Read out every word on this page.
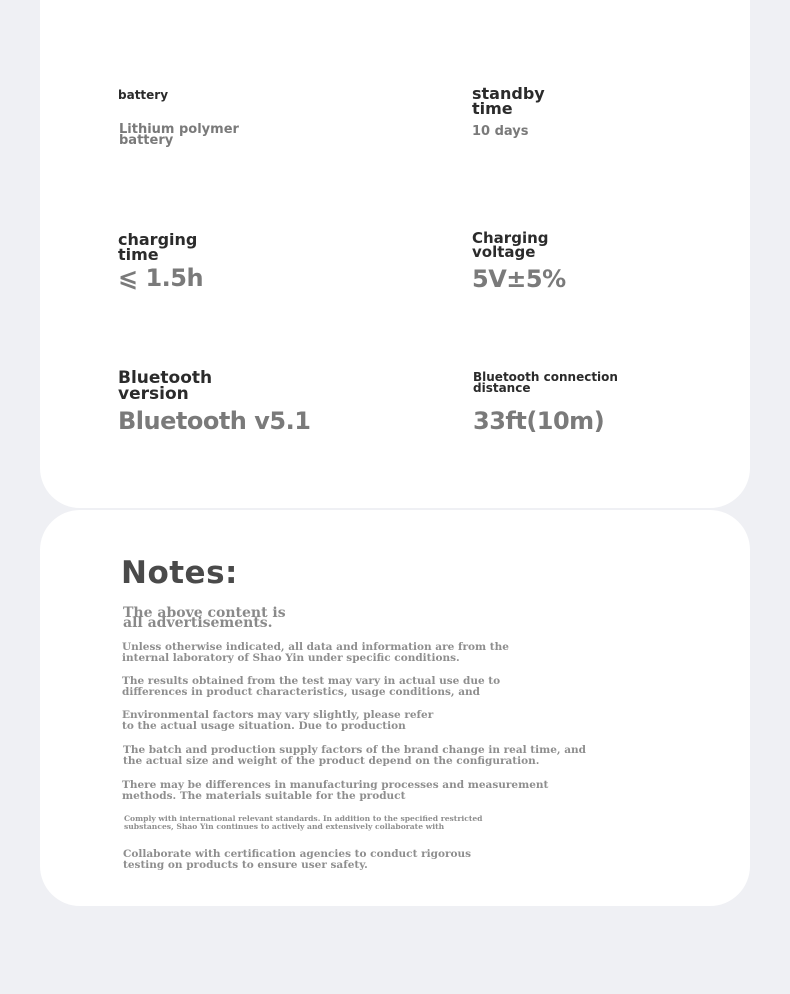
battery
Lithium polymer
battery
standby
time
10 days
charging
time
⩽ 1.5h
Charging
voltage
5V±5%
Bluetooth
version
Bluetooth v5.1
Bluetooth connection
distance
33ft(10m)
Notes:
The above content is
all advertisements.
Unless otherwise indicated, all data and information are from the
internal laboratory of Shao Yin under specific conditions.
The results obtained from the test may vary in actual use due to
differences in product characteristics, usage conditions, and
Environmental factors may vary slightly, please refer
to the actual usage situation. Due to production
The batch and production supply factors of the brand change in real time, and
the actual size and weight of the product depend on the configuration.
There may be differences in manufacturing processes and measurement
methods. The materials suitable for the product
Comply with international relevant standards. In addition to the specified restricted
substances, Shao Yin continues to actively and extensively collaborate with
Collaborate with certification agencies to conduct rigorous
testing on products to ensure user safety.
